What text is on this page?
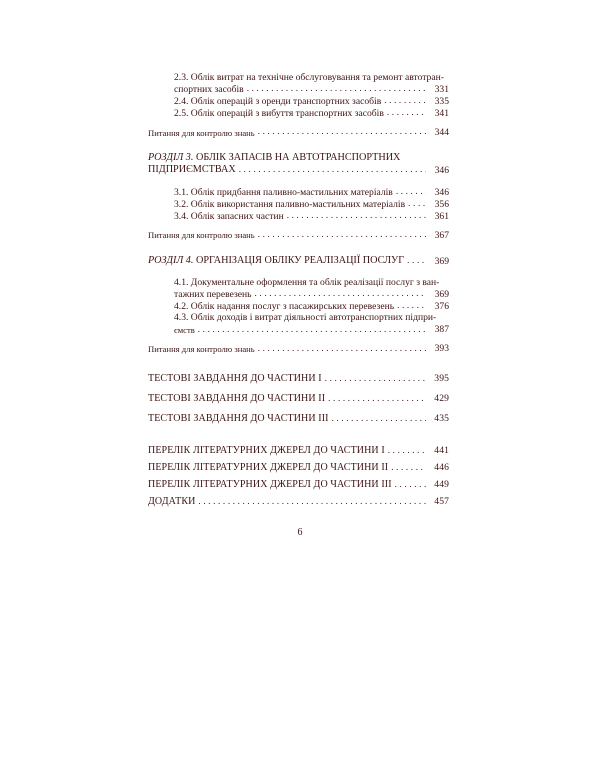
2.3. Облік витрат на технічне обслуговування та ремонт автотран-
спортних засобів . . .	331
2.4. Облік операцій з оренди транспортних засобів . . .	335
2.5. Облік операцій з вибуття транспортних засобів . . .	341
Питання для контролю знань . . .	344
РОЗДІЛ 3. ОБЛІК ЗАПАСІВ НА АВТОТРАНСПОРТНИХ
ПІДПРИЄМСТВАХ . . .	346
3.1. Облік придбання паливно-мастильних матеріалів . . .	346
3.2. Облік використання паливно-мастильних матеріалів . . .	356
3.4. Облік запасних частин . . .	361
Питання для контролю знань . . .	367
РОЗДІЛ 4. ОРГАНІЗАЦІЯ ОБЛІКУ РЕАЛІЗАЦІЇ ПОСЛУГ . . .	369
4.1. Документальне оформлення та облік реалізації послуг з ван-
тажних перевезень . . .	369
4.2. Облік надання послуг з пасажирських перевезень . . .	376
4.3. Облік доходів і витрат діяльності автотранспортних підпри-
ємств . . .	387
Питання для контролю знань . . .	393
ТЕСТОВІ ЗАВДАННЯ ДО ЧАСТИНИ І . . .	395
ТЕСТОВІ ЗАВДАННЯ ДО ЧАСТИНИ ІІ . . .	429
ТЕСТОВІ ЗАВДАННЯ ДО ЧАСТИНИ ІІІ . . .	435
ПЕРЕЛІК ЛІТЕРАТУРНИХ ДЖЕРЕЛ ДО ЧАСТИНИ І . . .	441
ПЕРЕЛІК ЛІТЕРАТУРНИХ ДЖЕРЕЛ ДО ЧАСТИНИ ІІ . . .	446
ПЕРЕЛІК ЛІТЕРАТУРНИХ ДЖЕРЕЛ ДО ЧАСТИНИ ІІІ . . .	449
ДОДАТКИ . . .	457
6
